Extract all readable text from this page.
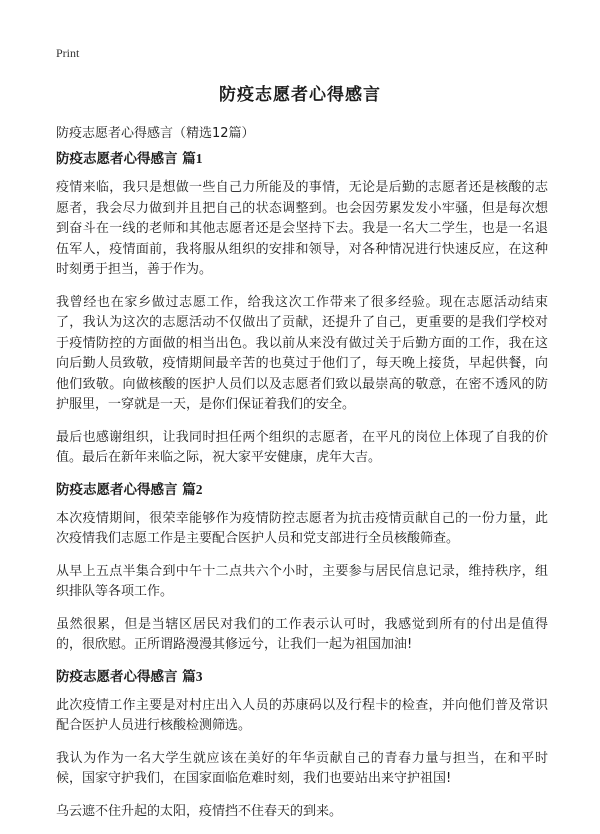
Print
防疫志愿者心得感言

防疫志愿者心得感言（精选12篇）

防疫志愿者心得感言 篇1

疫情来临，我只是想做一些自己力所能及的事情，无论是后勤的志愿者还是核酸的志愿者，我会尽力做到并且把自己的状态调整到。也会因劳累发发小牢骚，但是每次想到奋斗在一线的老师和其他志愿者还是会坚持下去。我是一名大二学生，也是一名退伍军人，疫情面前，我将服从组织的安排和领导，对各种情况进行快速反应，在这种时刻勇于担当，善于作为。

我曾经也在家乡做过志愿工作，给我这次工作带来了很多经验。现在志愿活动结束了，我认为这次的志愿活动不仅做出了贡献，还提升了自己，更重要的是我们学校对于疫情防控的方面做的相当出色。我以前从来没有做过关于后勤方面的工作，我在这向后勤人员致敬，疫情期间最辛苦的也莫过于他们了，每天晚上接货，早起供餐，向他们致敬。向做核酸的医护人员们以及志愿者们致以最崇高的敬意，在密不透风的防护服里，一穿就是一天，是你们保证着我们的安全。

最后也感谢组织，让我同时担任两个组织的志愿者，在平凡的岗位上体现了自我的价值。最后在新年来临之际，祝大家平安健康，虎年大吉。

防疫志愿者心得感言 篇2

本次疫情期间，很荣幸能够作为疫情防控志愿者为抗击疫情贡献自己的一份力量，此次疫情我们志愿工作是主要配合医护人员和党支部进行全员核酸筛查。

从早上五点半集合到中午十二点共六个小时，主要参与居民信息记录，维持秩序，组织排队等各项工作。

虽然很累，但是当辖区居民对我们的工作表示认可时，我感觉到所有的付出是值得的，很欣慰。正所谓路漫漫其修远兮，让我们一起为祖国加油!

防疫志愿者心得感言 篇3

此次疫情工作主要是对村庄出入人员的苏康码以及行程卡的检查，并向他们普及常识配合医护人员进行核酸检测筛选。

我认为作为一名大学生就应该在美好的年华贡献自己的青春力量与担当，在和平时候，国家守护我们，在国家面临危难时刻，我们也要站出来守护祖国!

乌云遮不住升起的太阳，疫情挡不住春天的到来。
